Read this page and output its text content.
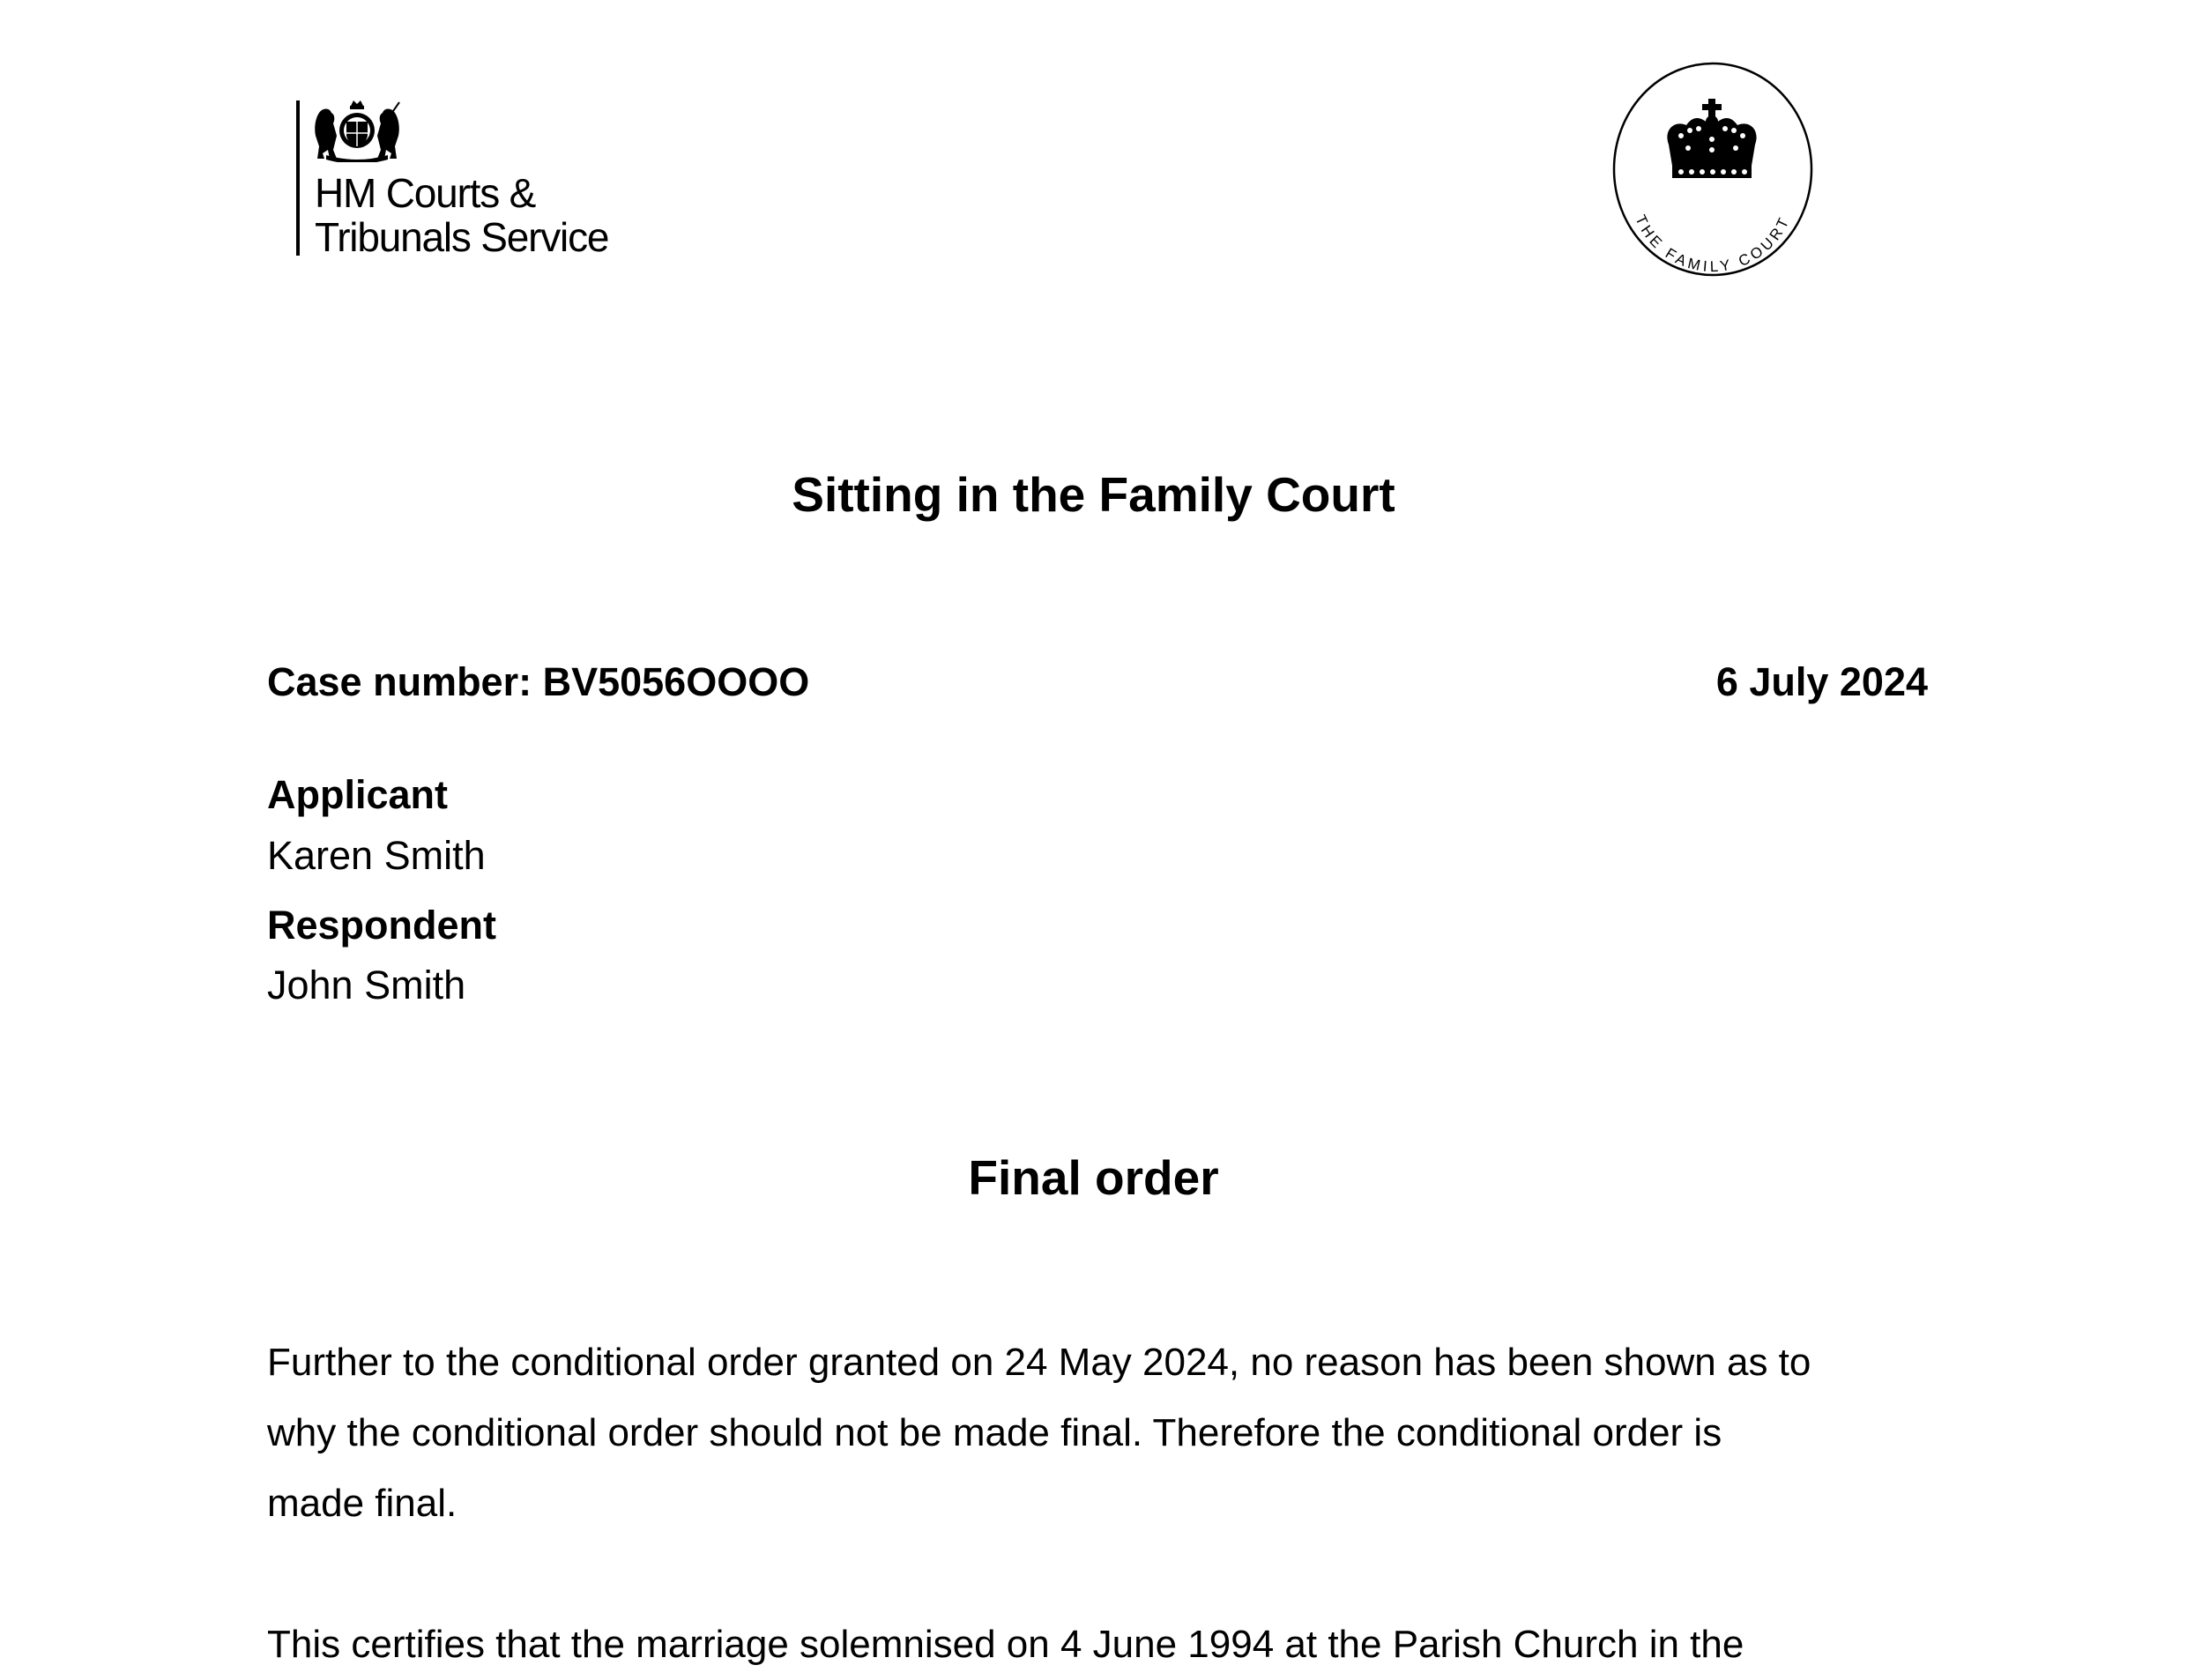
HM Courts &
Tribunals Service	THE FAMILY COURT
Sitting in the Family Court
Case number: BV5056OOOO	6 July 2024
Applicant
Karen Smith
Respondent
John Smith
Final order
Further to the conditional order granted on 24 May 2024, no reason has been shown as to
why the conditional order should not be made final. Therefore the conditional order is
made final.
This certifies that the marriage solemnised on 4 June 1994 at the Parish Church in the
